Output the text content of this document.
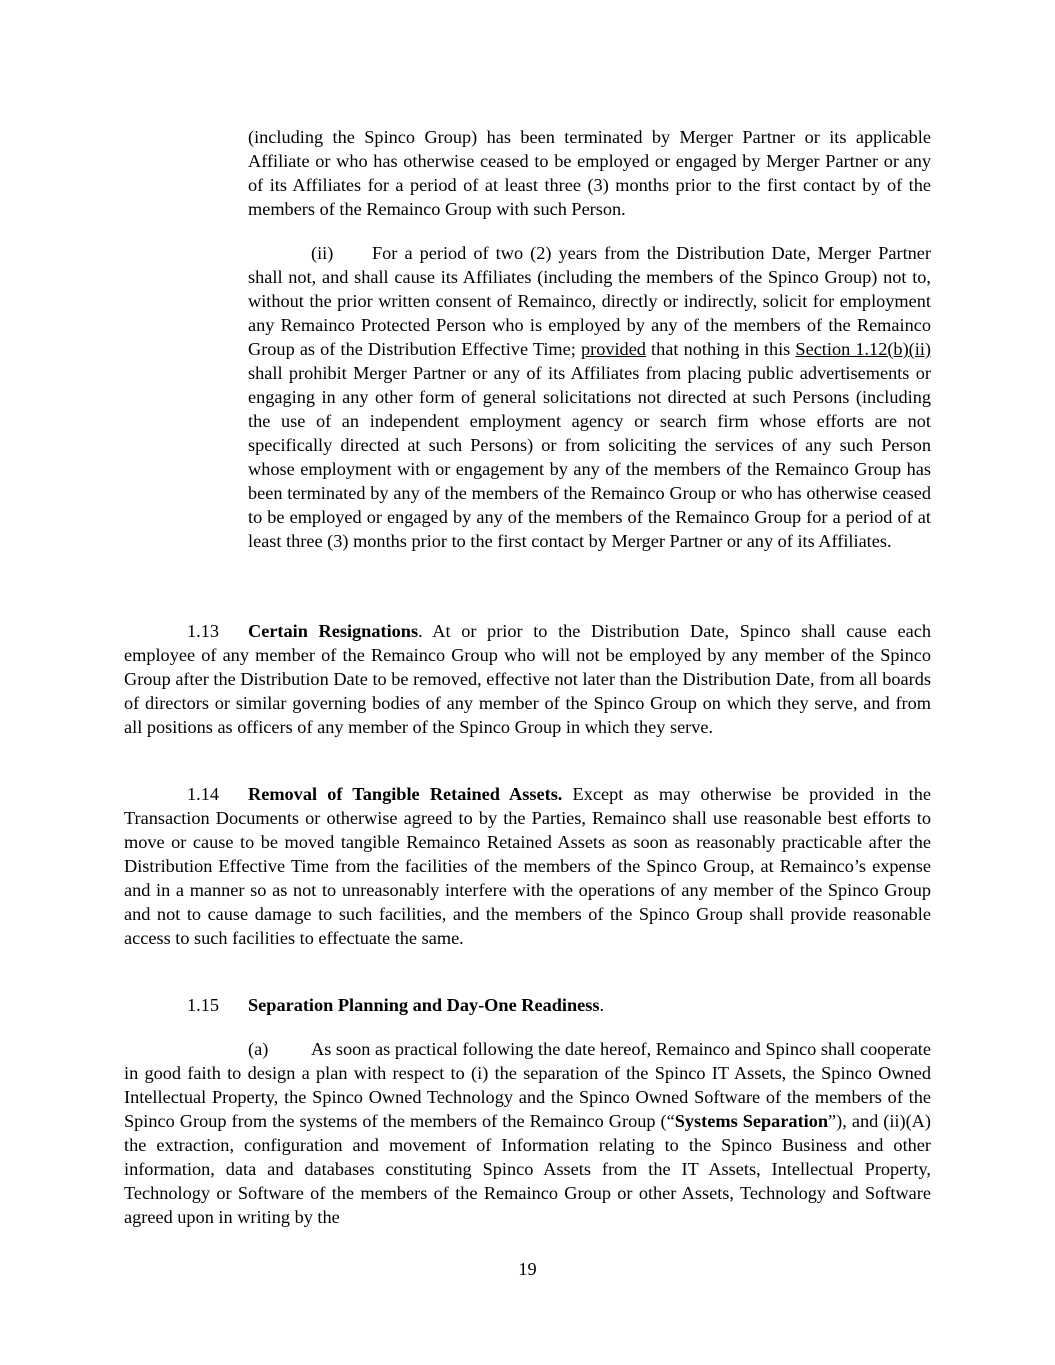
(including the Spinco Group) has been terminated by Merger Partner or its applicable Affiliate or who has otherwise ceased to be employed or engaged by Merger Partner or any of its Affiliates for a period of at least three (3) months prior to the first contact by of the members of the Remainco Group with such Person.

(ii) For a period of two (2) years from the Distribution Date, Merger Partner shall not, and shall cause its Affiliates (including the members of the Spinco Group) not to, without the prior written consent of Remainco, directly or indirectly, solicit for employment any Remainco Protected Person who is employed by any of the members of the Remainco Group as of the Distribution Effective Time; provided that nothing in this Section 1.12(b)(ii) shall prohibit Merger Partner or any of its Affiliates from placing public advertisements or engaging in any other form of general solicitations not directed at such Persons (including the use of an independent employment agency or search firm whose efforts are not specifically directed at such Persons) or from soliciting the services of any such Person whose employment with or engagement by any of the members of the Remainco Group has been terminated by any of the members of the Remainco Group or who has otherwise ceased to be employed or engaged by any of the members of the Remainco Group for a period of at least three (3) months prior to the first contact by Merger Partner or any of its Affiliates.

1.13 Certain Resignations. At or prior to the Distribution Date, Spinco shall cause each employee of any member of the Remainco Group who will not be employed by any member of the Spinco Group after the Distribution Date to be removed, effective not later than the Distribution Date, from all boards of directors or similar governing bodies of any member of the Spinco Group on which they serve, and from all positions as officers of any member of the Spinco Group in which they serve.

1.14 Removal of Tangible Retained Assets. Except as may otherwise be provided in the Transaction Documents or otherwise agreed to by the Parties, Remainco shall use reasonable best efforts to move or cause to be moved tangible Remainco Retained Assets as soon as reasonably practicable after the Distribution Effective Time from the facilities of the members of the Spinco Group, at Remainco’s expense and in a manner so as not to unreasonably interfere with the operations of any member of the Spinco Group and not to cause damage to such facilities, and the members of the Spinco Group shall provide reasonable access to such facilities to effectuate the same.

1.15 Separation Planning and Day-One Readiness.

(a) As soon as practical following the date hereof, Remainco and Spinco shall cooperate in good faith to design a plan with respect to (i) the separation of the Spinco IT Assets, the Spinco Owned Intellectual Property, the Spinco Owned Technology and the Spinco Owned Software of the members of the Spinco Group from the systems of the members of the Remainco Group (“Systems Separation”), and (ii)(A) the extraction, configuration and movement of Information relating to the Spinco Business and other information, data and databases constituting Spinco Assets from the IT Assets, Intellectual Property, Technology or Software of the members of the Remainco Group or other Assets, Technology and Software agreed upon in writing by the

19
